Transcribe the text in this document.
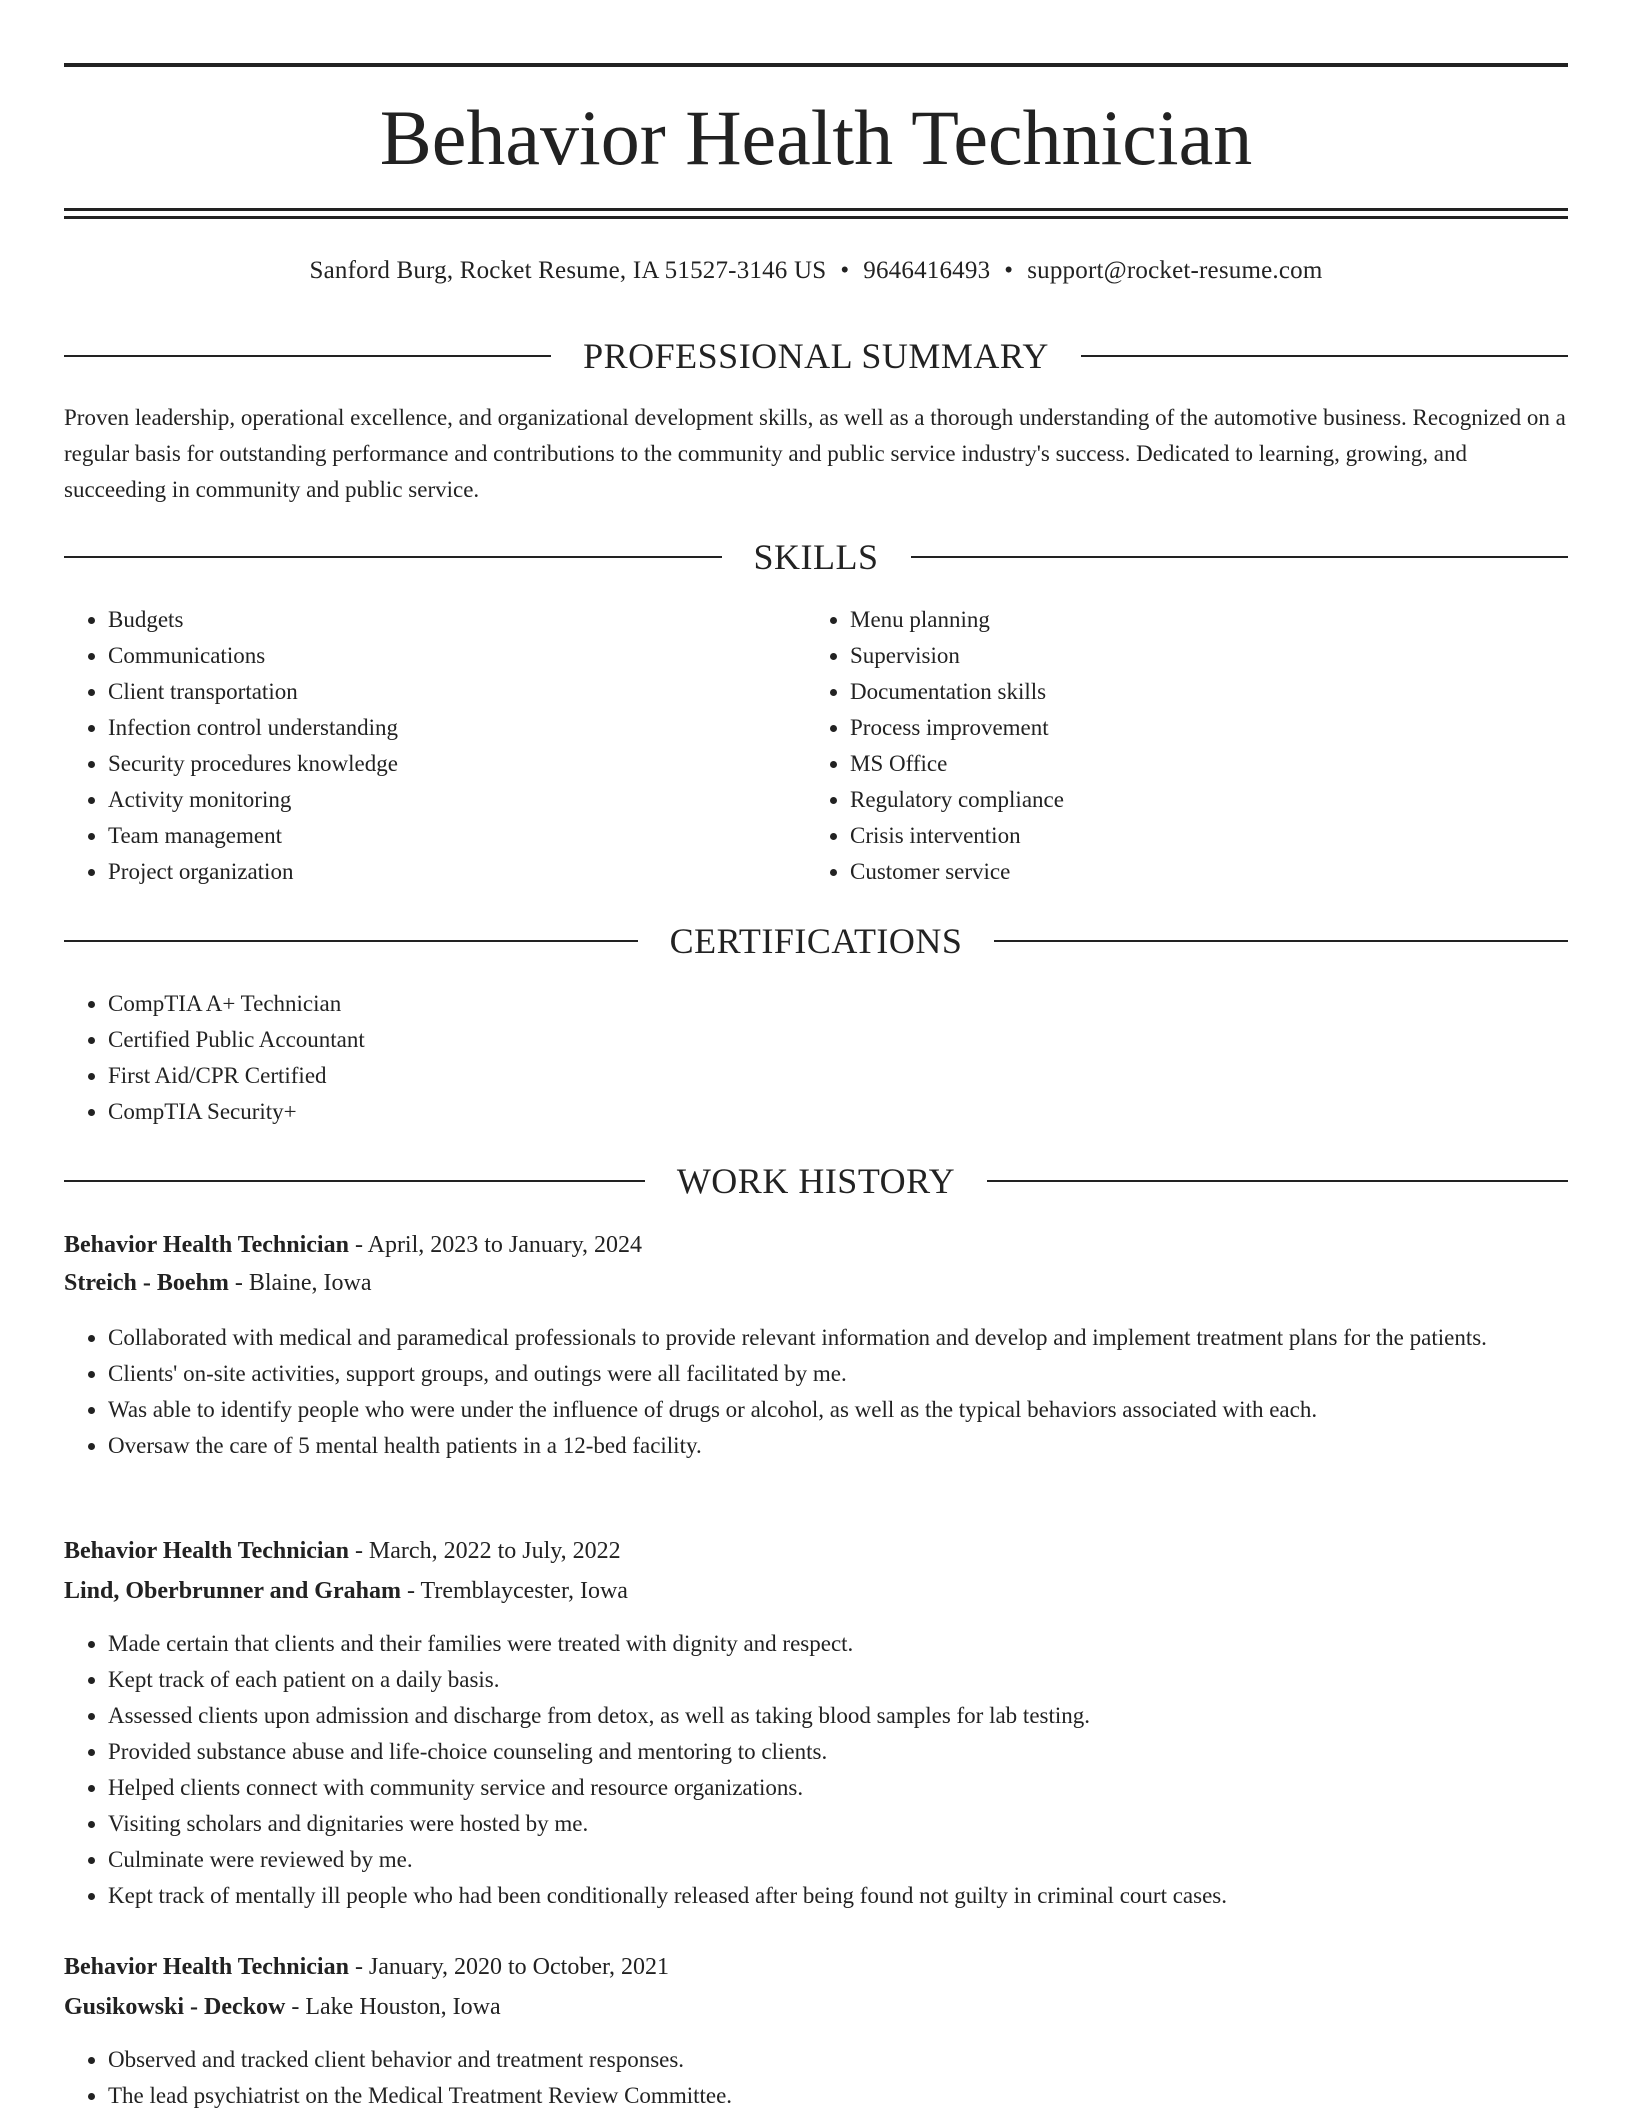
Behavior Health Technician
Sanford Burg, Rocket Resume, IA 51527-3146 US • 9646416493 • support@rocket-resume.com
PROFESSIONAL SUMMARY
Proven leadership, operational excellence, and organizational development skills, as well as a thorough understanding of the automotive business. Recognized on a regular basis for outstanding performance and contributions to the community and public service industry's success. Dedicated to learning, growing, and succeeding in community and public service.
SKILLS
• Budgets
• Communications
• Client transportation
• Infection control understanding
• Security procedures knowledge
• Activity monitoring
• Team management
• Project organization
• Menu planning
• Supervision
• Documentation skills
• Process improvement
• MS Office
• Regulatory compliance
• Crisis intervention
• Customer service
CERTIFICATIONS
• CompTIA A+ Technician
• Certified Public Accountant
• First Aid/CPR Certified
• CompTIA Security+
WORK HISTORY
Behavior Health Technician - April, 2023 to January, 2024
Streich - Boehm - Blaine, Iowa
• Collaborated with medical and paramedical professionals to provide relevant information and develop and implement treatment plans for the patients.
• Clients' on-site activities, support groups, and outings were all facilitated by me.
• Was able to identify people who were under the influence of drugs or alcohol, as well as the typical behaviors associated with each.
• Oversaw the care of 5 mental health patients in a 12-bed facility.
Behavior Health Technician - March, 2022 to July, 2022
Lind, Oberbrunner and Graham - Tremblaycester, Iowa
• Made certain that clients and their families were treated with dignity and respect.
• Kept track of each patient on a daily basis.
• Assessed clients upon admission and discharge from detox, as well as taking blood samples for lab testing.
• Provided substance abuse and life-choice counseling and mentoring to clients.
• Helped clients connect with community service and resource organizations.
• Visiting scholars and dignitaries were hosted by me.
• Culminate were reviewed by me.
• Kept track of mentally ill people who had been conditionally released after being found not guilty in criminal court cases.
Behavior Health Technician - January, 2020 to October, 2021
Gusikowski - Deckow - Lake Houston, Iowa
• Observed and tracked client behavior and treatment responses.
• The lead psychiatrist on the Medical Treatment Review Committee.
